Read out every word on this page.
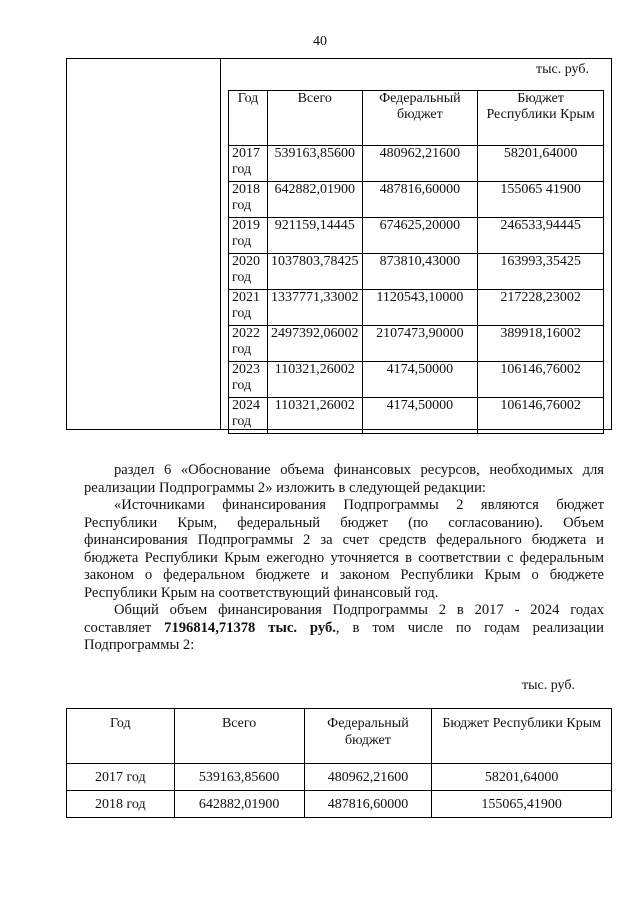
40
тыс. руб.
Год	Всего	Федеральный бюджет	Бюджет Республики Крым
2017 год	539163,85600	480962,21600	58201,64000
2018 год	642882,01900	487816,60000	155065 41900
2019 год	921159,14445	674625,20000	246533,94445
2020 год	1037803,78425	873810,43000	163993,35425
2021 год	1337771,33002	1120543,10000	217228,23002
2022 год	2497392,06002	2107473,90000	389918,16002
2023 год	110321,26002	4174,50000	106146,76002
2024 год	110321,26002	4174,50000	106146,76002
раздел 6 «Обоснование объема финансовых ресурсов, необходимых для реализации Подпрограммы 2» изложить в следующей редакции:
«Источниками финансирования Подпрограммы 2 являются бюджет Республики Крым, федеральный бюджет (по согласованию). Объем финансирования Подпрограммы 2 за счет средств федерального бюджета и бюджета Республики Крым ежегодно уточняется в соответствии с федеральным законом о федеральном бюджете и законом Республики Крым о бюджете Республики Крым на соответствующий финансовый год.
Общий объем финансирования Подпрограммы 2 в 2017 - 2024 годах составляет 7196814,71378 тыс. руб., в том числе по годам реализации Подпрограммы 2:
тыс. руб.
Год	Всего	Федеральный бюджет	Бюджет Республики Крым
2017 год	539163,85600	480962,21600	58201,64000
2018 год	642882,01900	487816,60000	155065,41900
